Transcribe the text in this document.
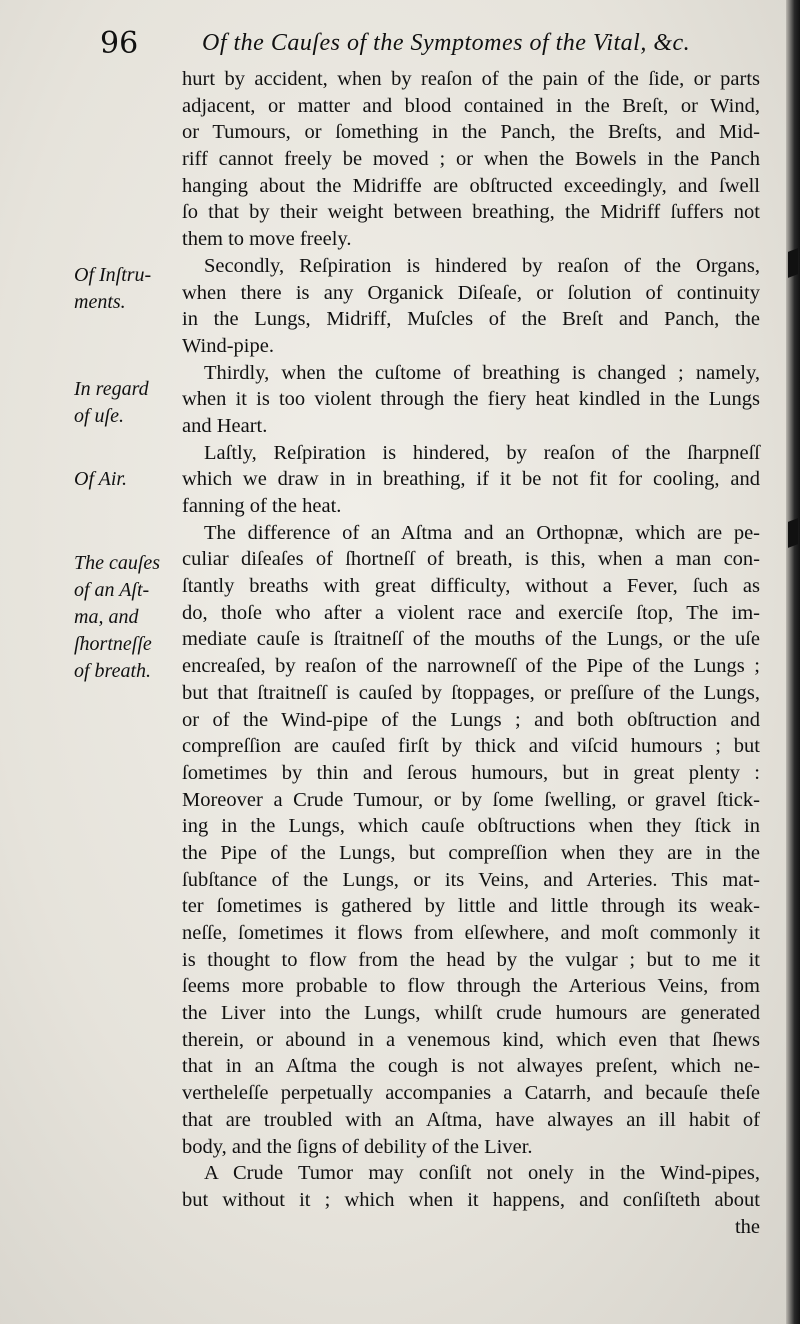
96	Of the Cauſes of the Symptomes of the Vital, &c.
Of Inſtru-
ments.
In regard
of uſe.
Of Air.
The cauſes
of an Aſt-
ma, and
ſhortneſſe
of breath.
hurt by accident, when by reaſon of the pain of the ſide, or parts
adjacent, or matter and blood contained in the Breſt, or Wind,
or Tumours, or ſomething in the Panch, the Breſts, and Mid-
riff cannot freely be moved ; or when the Bowels in the Panch
hanging about the Midriffe are obſtructed exceedingly, and ſwell
ſo that by their weight between breathing, the Midriff ſuffers not
them to move freely.
Secondly, Reſpiration is hindered by reaſon of the Organs,
when there is any Organick Diſeaſe, or ſolution of continuity
in the Lungs, Midriff, Muſcles of the Breſt and Panch, the
Wind-pipe.
Thirdly, when the cuſtome of breathing is changed ; namely,
when it is too violent through the fiery heat kindled in the Lungs
and Heart.
Laſtly, Reſpiration is hindered, by reaſon of the ſharpneſſ
which we draw in in breathing, if it be not fit for cooling, and
fanning of the heat.
The difference of an Aſtma and an Orthopnæ, which are pe-
culiar diſeaſes of ſhortneſſ of breath, is this, when a man con-
ſtantly breaths with great difficulty, without a Fever, ſuch as
do, thoſe who after a violent race and exerciſe ſtop, The im-
mediate cauſe is ſtraitneſſ of the mouths of the Lungs, or the uſe
encreaſed, by reaſon of the narrowneſſ of the Pipe of the Lungs ;
but that ſtraitneſſ is cauſed by ſtoppages, or preſſure of the Lungs,
or of the Wind-pipe of the Lungs ; and both obſtruction and
compreſſion are cauſed firſt by thick and viſcid humours ; but
ſometimes by thin and ſerous humours, but in great plenty :
Moreover a Crude Tumour, or by ſome ſwelling, or gravel ſtick-
ing in the Lungs, which cauſe obſtructions when they ſtick in
the Pipe of the Lungs, but compreſſion when they are in the
ſubſtance of the Lungs, or its Veins, and Arteries. This mat-
ter ſometimes is gathered by little and little through its weak-
neſſe, ſometimes it flows from elſewhere, and moſt commonly it
is thought to flow from the head by the vulgar ; but to me it
ſeems more probable to flow through the Arterious Veins, from
the Liver into the Lungs, whilſt crude humours are generated
therein, or abound in a venemous kind, which even that ſhews
that in an Aſtma the cough is not alwayes preſent, which ne-
vertheleſſe perpetually accompanies a Catarrh, and becauſe theſe
that are troubled with an Aſtma, have alwayes an ill habit of
body, and the ſigns of debility of the Liver.
A Crude Tumor may conſiſt not onely in the Wind-pipes,
but without it ; which when it happens, and conſiſteth about
the
